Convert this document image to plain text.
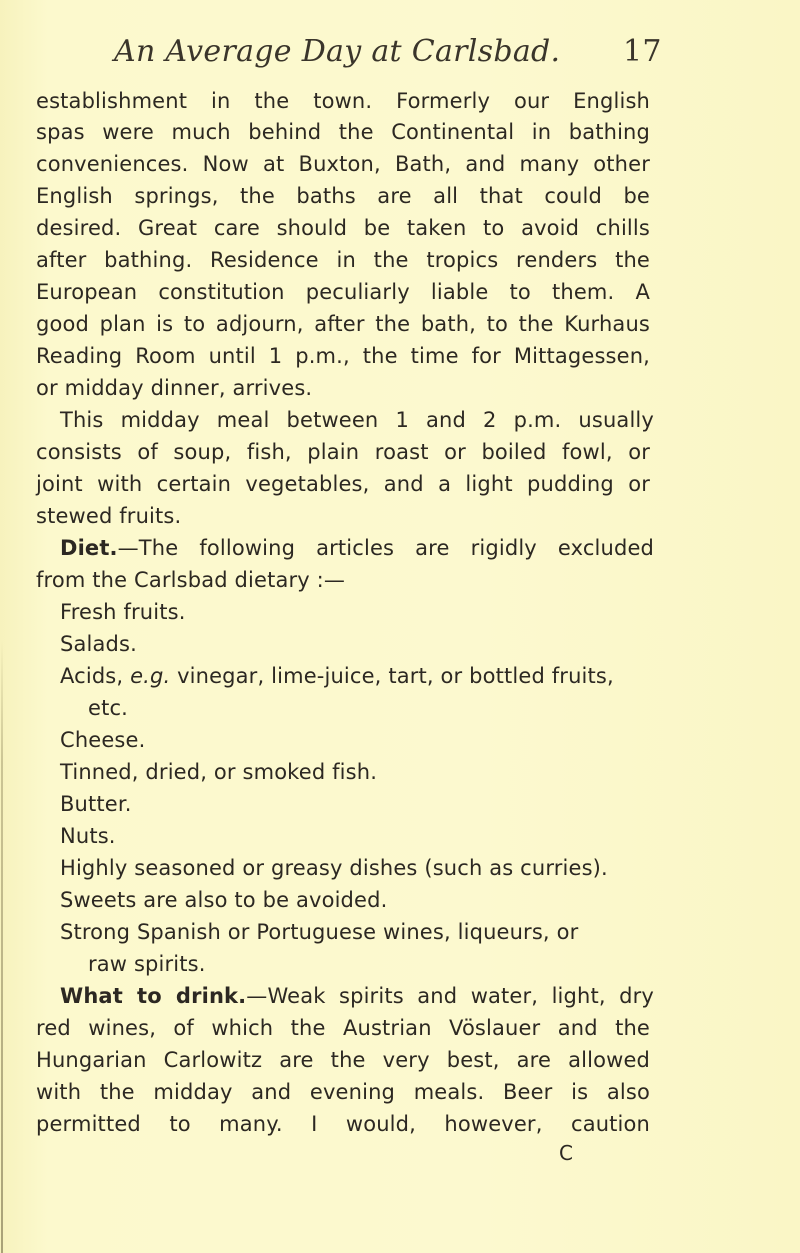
An Average Day at Carlsbad. 17
establishment in the town. Formerly our English
spas were much behind the Continental in bathing
conveniences. Now at Buxton, Bath, and many other
English springs, the baths are all that could be
desired. Great care should be taken to avoid chills
after bathing. Residence in the tropics renders the
European constitution peculiarly liable to them. A
good plan is to adjourn, after the bath, to the Kurhaus
Reading Room until 1 p.m., the time for Mittagessen,
or midday dinner, arrives.
This midday meal between 1 and 2 p.m. usually
consists of soup, fish, plain roast or boiled fowl, or
joint with certain vegetables, and a light pudding or
stewed fruits.
Diet.—The following articles are rigidly excluded
from the Carlsbad dietary :—
Fresh fruits.
Salads.
Acids, e.g. vinegar, lime-juice, tart, or bottled fruits,
etc.
Cheese.
Tinned, dried, or smoked fish.
Butter.
Nuts.
Highly seasoned or greasy dishes (such as curries).
Sweets are also to be avoided.
Strong Spanish or Portuguese wines, liqueurs, or
raw spirits.
What to drink.—Weak spirits and water, light, dry
red wines, of which the Austrian Vöslauer and the
Hungarian Carlowitz are the very best, are allowed
with the midday and evening meals. Beer is also
permitted to many. I would, however, caution
C
